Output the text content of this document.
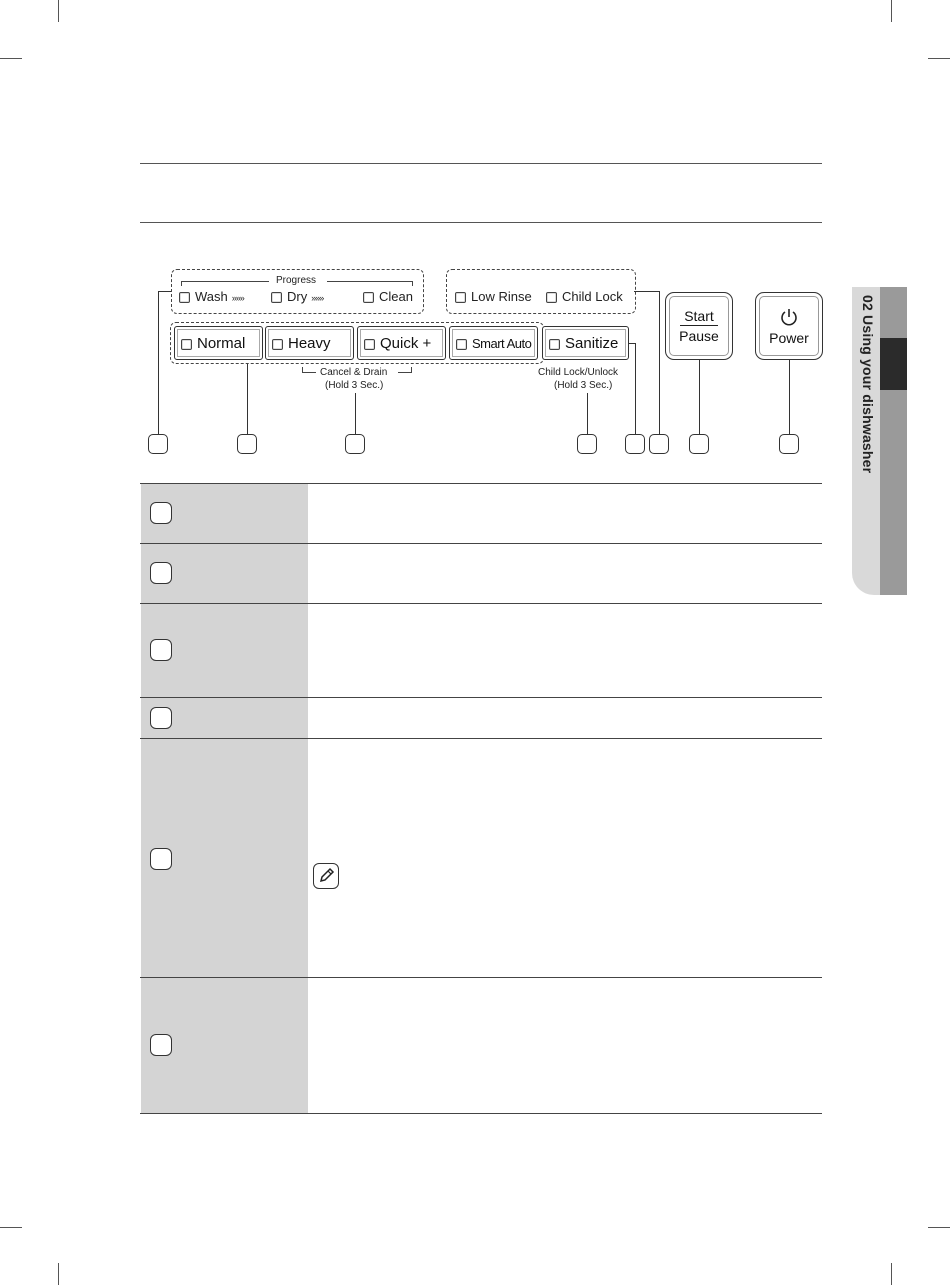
02 Using your dishwasher
Progress
Wash »»»	Dry »»»	Clean	Low Rinse	Child Lock
Normal	Heavy	Quick +	Smart Auto	Sanitize
Cancel & Drain
(Hold 3 Sec.)
Child Lock/Unlock
(Hold 3 Sec.)
Start
Pause	Power
